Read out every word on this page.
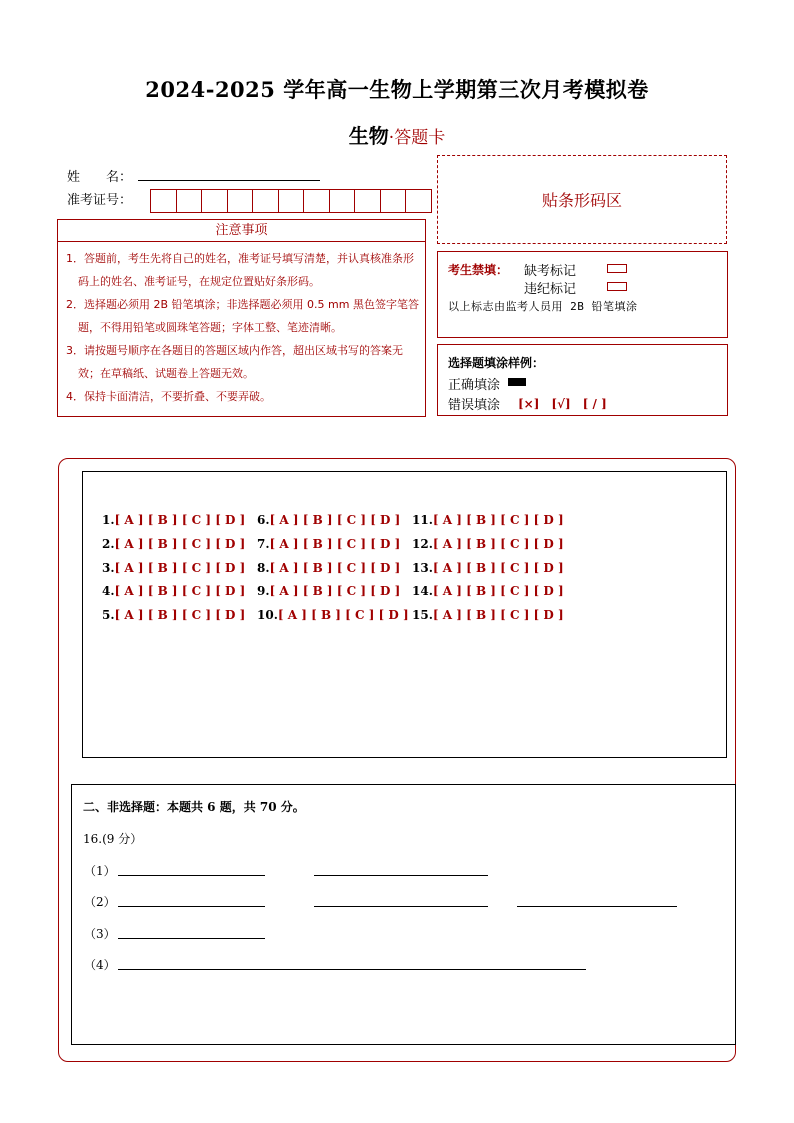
2024-2025 学年高一生物上学期第三次月考模拟卷
生物·答题卡
姓　　名：
准考证号：	贴条形码区
注意事项
1．答题前，考生先将自己的姓名，准考证号填写清楚，并认真核准条形码上的姓名、准考证号，在规定位置贴好条形码。
2．选择题必须用 2B 铅笔填涂；非选择题必须用 0.5 mm 黑色签字笔答题，不得用铅笔或圆珠笔答题；字体工整、笔迹清晰。
3．请按题号顺序在各题目的答题区域内作答，超出区域书写的答案无效；在草稿纸、试题卷上答题无效。
4．保持卡面清洁，不要折叠、不要弄破。
考生禁填： 缺考标记
违纪标记
以上标志由监考人员用 2B 铅笔填涂
选择题填涂样例：
正确填涂
错误填涂 [×]　[√]　[ / ]
二、非选择题：本题共 6 题，共 70 分。
16.(9 分）
（1）
（2）
（3）
（4）
1.[ A ] [ B ] [ C ] [ D ]
2.[ A ] [ B ] [ C ] [ D ]
3.[ A ] [ B ] [ C ] [ D ]
4.[ A ] [ B ] [ C ] [ D ]
5.[ A ] [ B ] [ C ] [ D ]
6.[ A ] [ B ] [ C ] [ D ]
7.[ A ] [ B ] [ C ] [ D ]
8.[ A ] [ B ] [ C ] [ D ]
9.[ A ] [ B ] [ C ] [ D ]
10.[ A ] [ B ] [ C ] [ D ]
11.[ A ] [ B ] [ C ] [ D ]
12.[ A ] [ B ] [ C ] [ D ]
13.[ A ] [ B ] [ C ] [ D ]
14.[ A ] [ B ] [ C ] [ D ]
15.[ A ] [ B ] [ C ] [ D ]
